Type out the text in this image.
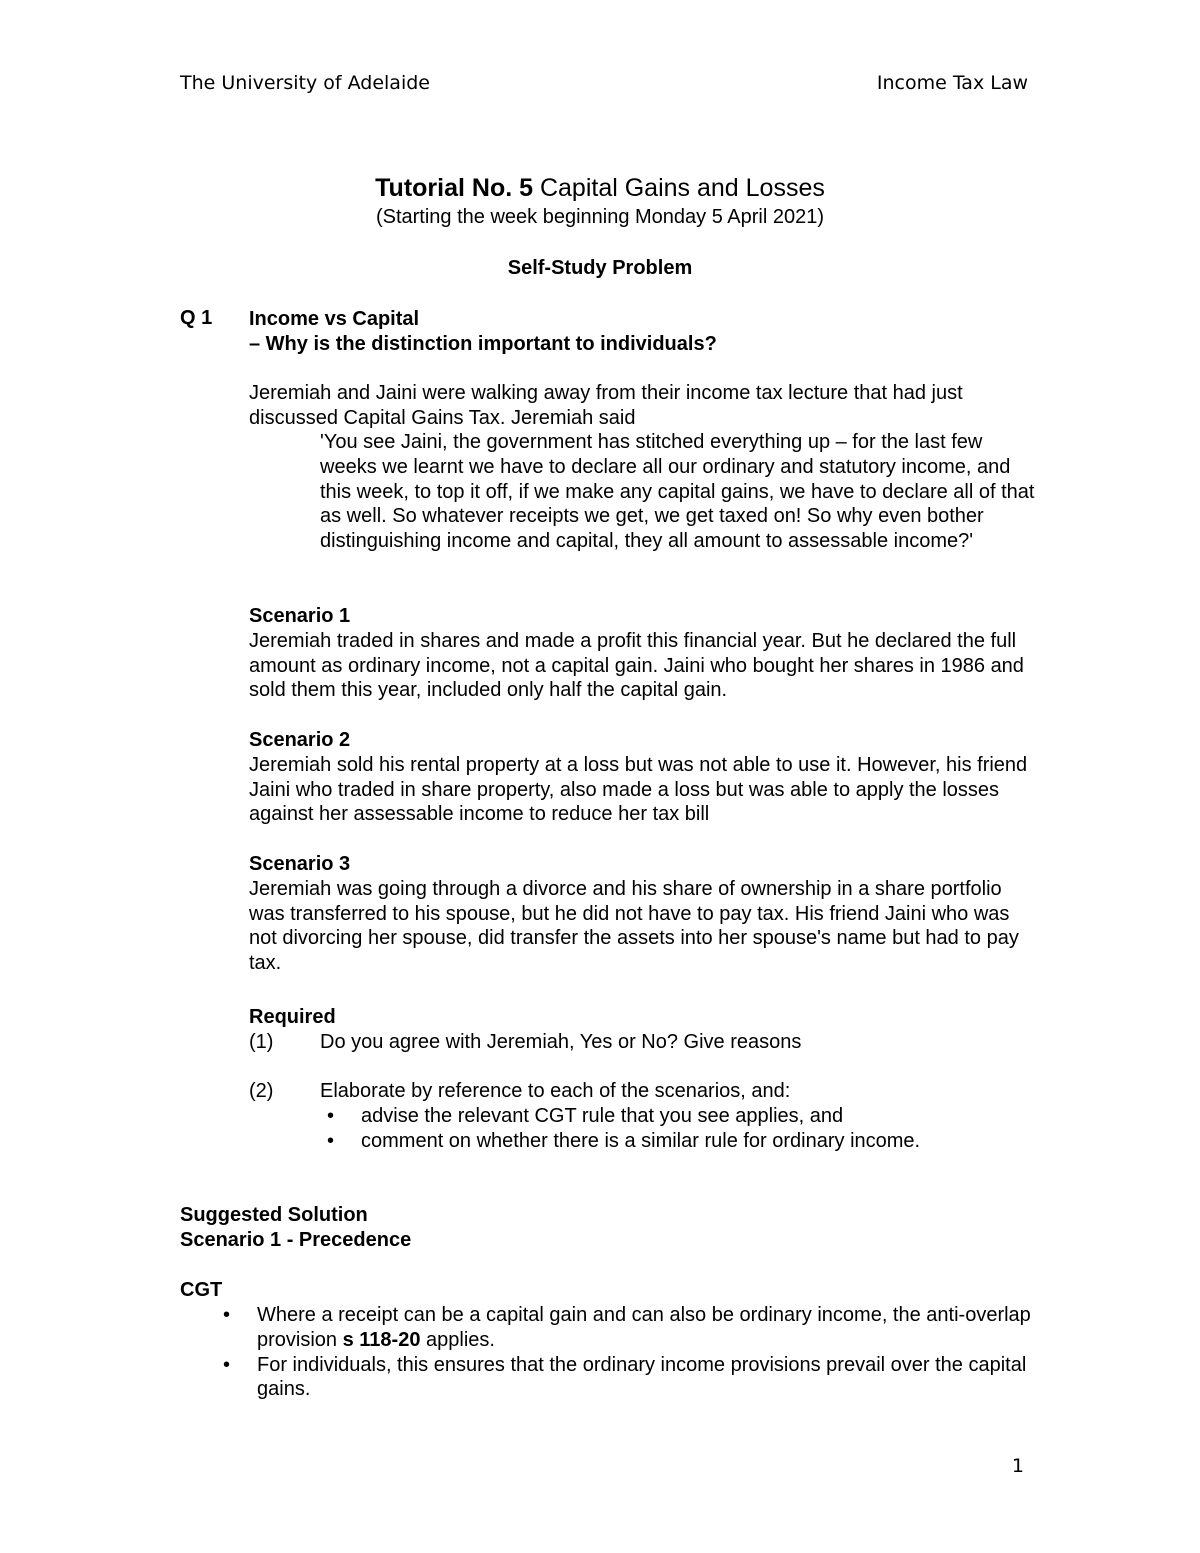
The University of Adelaide	Income Tax Law
Tutorial No. 5 Capital Gains and Losses
(Starting the week beginning Monday 5 April 2021)
Self-Study Problem
Q 1 Income vs Capital
– Why is the distinction important to individuals?
Jeremiah and Jaini were walking away from their income tax lecture that had just discussed Capital Gains Tax. Jeremiah said
'You see Jaini, the government has stitched everything up – for the last few weeks we learnt we have to declare all our ordinary and statutory income, and this week, to top it off, if we make any capital gains, we have to declare all of that as well. So whatever receipts we get, we get taxed on! So why even bother distinguishing income and capital, they all amount to assessable income?'
Scenario 1
Jeremiah traded in shares and made a profit this financial year. But he declared the full amount as ordinary income, not a capital gain. Jaini who bought her shares in 1986 and sold them this year, included only half the capital gain.
Scenario 2
Jeremiah sold his rental property at a loss but was not able to use it. However, his friend Jaini who traded in share property, also made a loss but was able to apply the losses against her assessable income to reduce her tax bill
Scenario 3
Jeremiah was going through a divorce and his share of ownership in a share portfolio was transferred to his spouse, but he did not have to pay tax. His friend Jaini who was not divorcing her spouse, did transfer the assets into her spouse's name but had to pay tax.
Required
(1) Do you agree with Jeremiah, Yes or No? Give reasons
(2) Elaborate by reference to each of the scenarios, and:
• advise the relevant CGT rule that you see applies, and
• comment on whether there is a similar rule for ordinary income.
Suggested Solution
Scenario 1 - Precedence
CGT
• Where a receipt can be a capital gain and can also be ordinary income, the anti-overlap provision s 118-20 applies.
• For individuals, this ensures that the ordinary income provisions prevail over the capital gains.
1
